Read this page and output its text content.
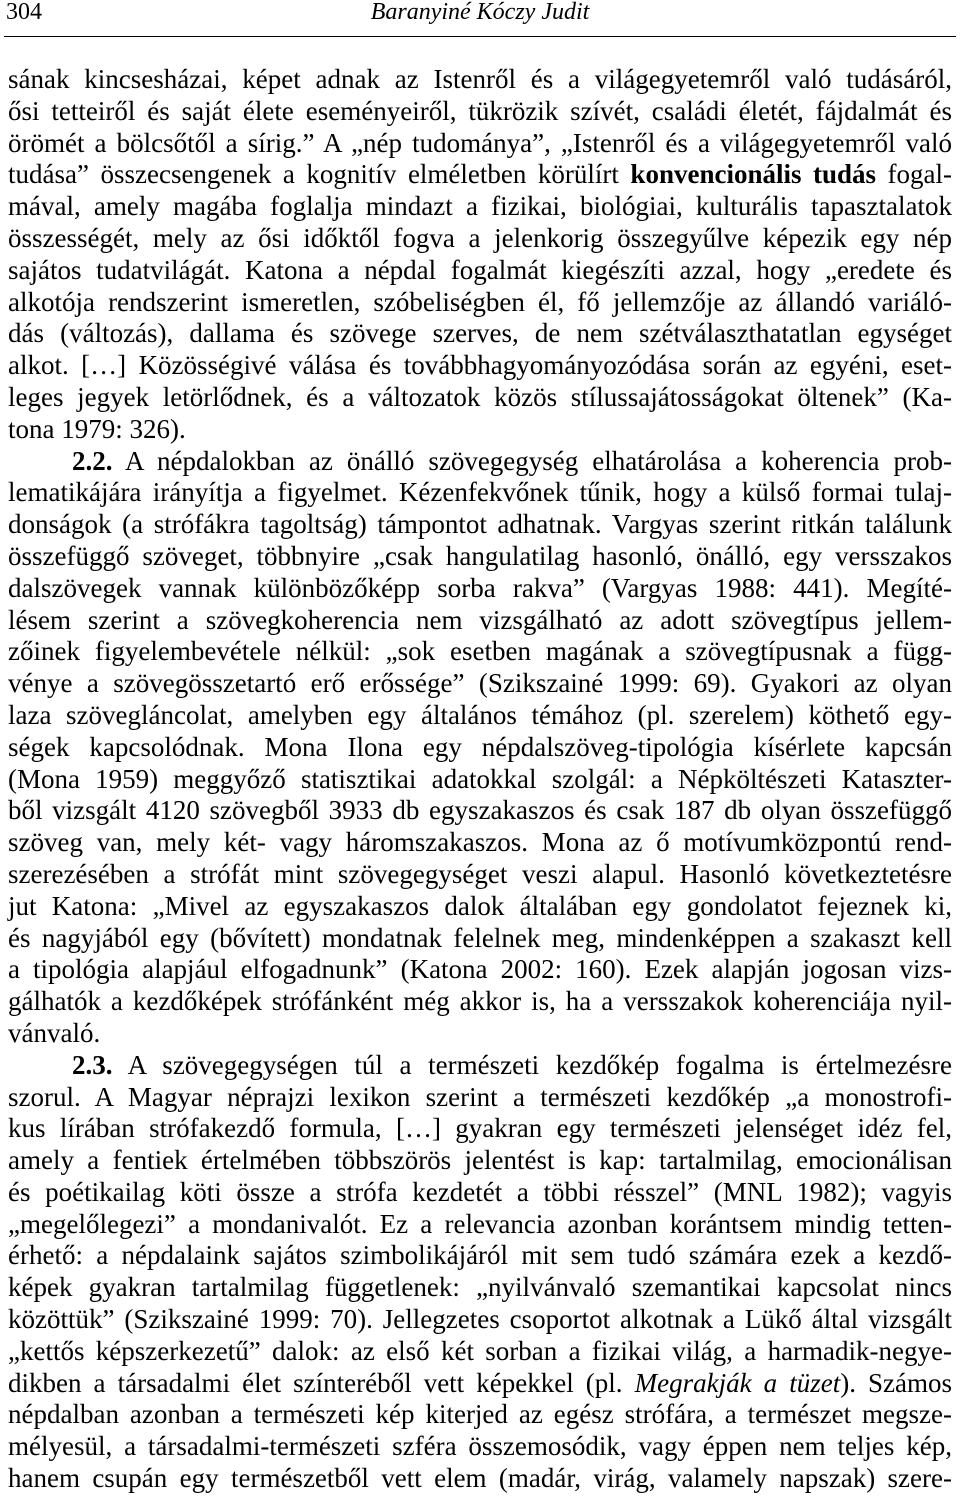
304	Baranyiné Kóczy Judit
sának kincsesházai, képet adnak az Istenről és a világegyetemről való tudásáról,
ősi tetteiről és saját élete eseményeiről, tükrözik szívét, családi életét, fájdalmát és
örömét a bölcsőtől a sírig.” A „nép tudománya”, „Istenről és a világegyetemről való
tudása” összecsengenek a kognitív elméletben körülírt konvencionális tudás fogal-
mával, amely magába foglalja mindazt a fizikai, biológiai, kulturális tapasztalatok
összességét, mely az ősi időktől fogva a jelenkorig összegyűlve képezik egy nép
sajátos tudatvilágát. Katona a népdal fogalmát kiegészíti azzal, hogy „eredete és
alkotója rendszerint ismeretlen, szóbeliségben él, fő jellemzője az állandó variáló-
dás (változás), dallama és szövege szerves, de nem szétválaszthatatlan egységet
alkot. […] Közösségivé válása és továbbhagyományozódása során az egyéni, eset-
leges jegyek letörlődnek, és a változatok közös stílussajátosságokat öltenek” (Ka-
tona 1979: 326).
2.2. A népdalokban az önálló szövegegység elhatárolása a koherencia prob-
lematikájára irányítja a figyelmet. Kézenfekvőnek tűnik, hogy a külső formai tulaj-
donságok (a strófákra tagoltság) támpontot adhatnak. Vargyas szerint ritkán találunk
összefüggő szöveget, többnyire „csak hangulatilag hasonló, önálló, egy versszakos
dalszövegek vannak különbözőképp sorba rakva” (Vargyas 1988: 441). Megíté-
lésem szerint a szövegkoherencia nem vizsgálható az adott szövegtípus jellem-
zőinek figyelembevétele nélkül: „sok esetben magának a szövegtípusnak a függ-
vénye a szövegösszetartó erő erőssége” (Szikszainé 1999: 69). Gyakori az olyan
laza szövegláncolat, amelyben egy általános témához (pl. szerelem) köthető egy-
ségek kapcsolódnak. Mona Ilona egy népdalszöveg-tipológia kísérlete kapcsán
(Mona 1959) meggyőző statisztikai adatokkal szolgál: a Népköltészeti Kataszter-
ből vizsgált 4120 szövegből 3933 db egyszakaszos és csak 187 db olyan összefüggő
szöveg van, mely két- vagy háromszakaszos. Mona az ő motívumközpontú rend-
szerezésében a strófát mint szövegegységet veszi alapul. Hasonló következtetésre
jut Katona: „Mivel az egyszakaszos dalok általában egy gondolatot fejeznek ki,
és nagyjából egy (bővített) mondatnak felelnek meg, mindenképpen a szakaszt kell
a tipológia alapjául elfogadnunk” (Katona 2002: 160). Ezek alapján jogosan vizs-
gálhatók a kezdőképek strófánként még akkor is, ha a versszakok koherenciája nyil-
vánvaló.
2.3. A szövegegységen túl a természeti kezdőkép fogalma is értelmezésre
szorul. A Magyar néprajzi lexikon szerint a természeti kezdőkép „a monostrofi-
kus lírában strófakezdő formula, […] gyakran egy természeti jelenséget idéz fel,
amely a fentiek értelmében többszörös jelentést is kap: tartalmilag, emocionálisan
és poétikailag köti össze a strófa kezdetét a többi résszel” (MNL 1982); vagyis
„megelőlegezi” a mondanivalót. Ez a relevancia azonban korántsem mindig tetten-
érhető: a népdalaink sajátos szimbolikájáról mit sem tudó számára ezek a kezdő-
képek gyakran tartalmilag függetlenek: „nyilvánvaló szemantikai kapcsolat nincs
közöttük” (Szikszainé 1999: 70). Jellegzetes csoportot alkotnak a Lükő által vizsgált
„kettős képszerkezetű” dalok: az első két sorban a fizikai világ, a harmadik-negye-
dikben a társadalmi élet színteréből vett képekkel (pl. Megrakják a tüzet). Számos
népdalban azonban a természeti kép kiterjed az egész strófára, a természet megsze-
mélyesül, a társadalmi-természeti szféra összemosódik, vagy éppen nem teljes kép,
hanem csupán egy természetből vett elem (madár, virág, valamely napszak) szere-
